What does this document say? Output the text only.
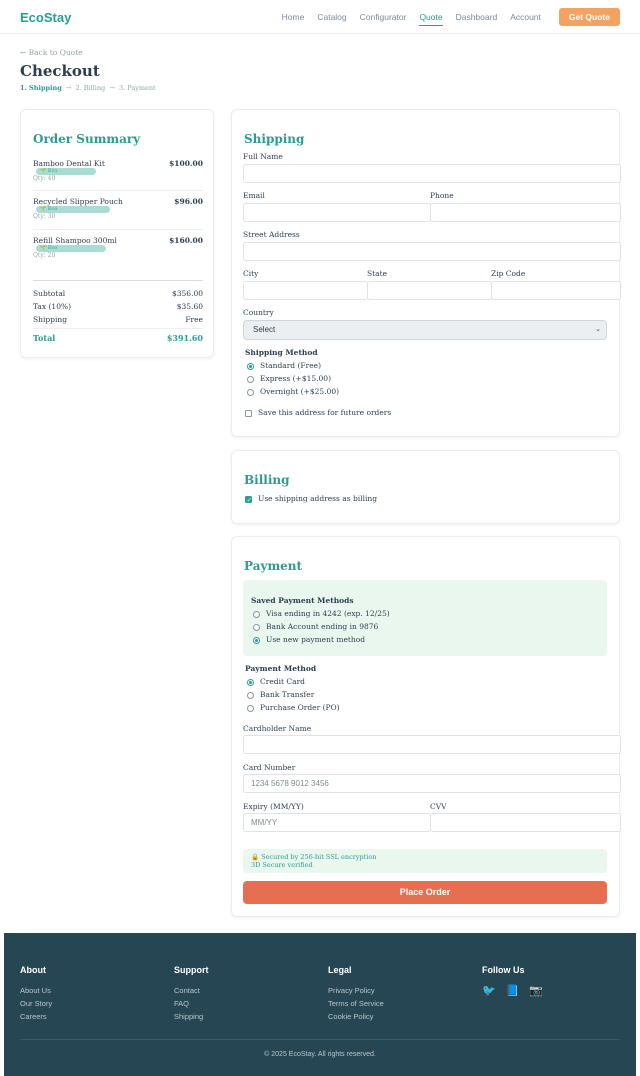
EcoStay	Home Catalog Configurator Quote Dashboard Account	Get Quote
← Back to Quote
Checkout
1. Shipping → 2. Billing → 3. Payment
Order Summary
Bamboo Dental Kit	$100.00
🌱 Eco
Qty: 40
Recycled Slipper Pouch	$96.00
🌱 Eco
Qty: 30
Refill Shampoo 300ml	$160.00
🌱 Eco
Qty: 20
Subtotal	$356.00
Tax (10%)	$35.60
Shipping	Free
Total	$391.60
Shipping
Full Name
Email	Phone
Street Address
City	State	Zip Code
Country
Select	⌄
Shipping Method
Standard (Free)
Express (+$15.00)
Overnight (+$25.00)
Save this address for future orders
Billing
✓
Use shipping address as billing
Payment
Saved Payment Methods
Visa ending in 4242 (exp. 12/25)
Bank Account ending in 9876
Use new payment method
Payment Method
Credit Card
Bank Transfer
Purchase Order (PO)
Cardholder Name
Card Number
1234 5678 9012 3456
Expiry (MM/YY)
MM/YY
CVV
🔒 Secured by 256-bit SSL encryption
3D Secure verified
Place Order
About
About Us
Our Story
Careers
Support
Contact
FAQ
Shipping
Legal
Privacy Policy
Terms of Service
Cookie Policy
Follow Us
🐦 📘 📷
© 2025 EcoStay. All rights reserved.
